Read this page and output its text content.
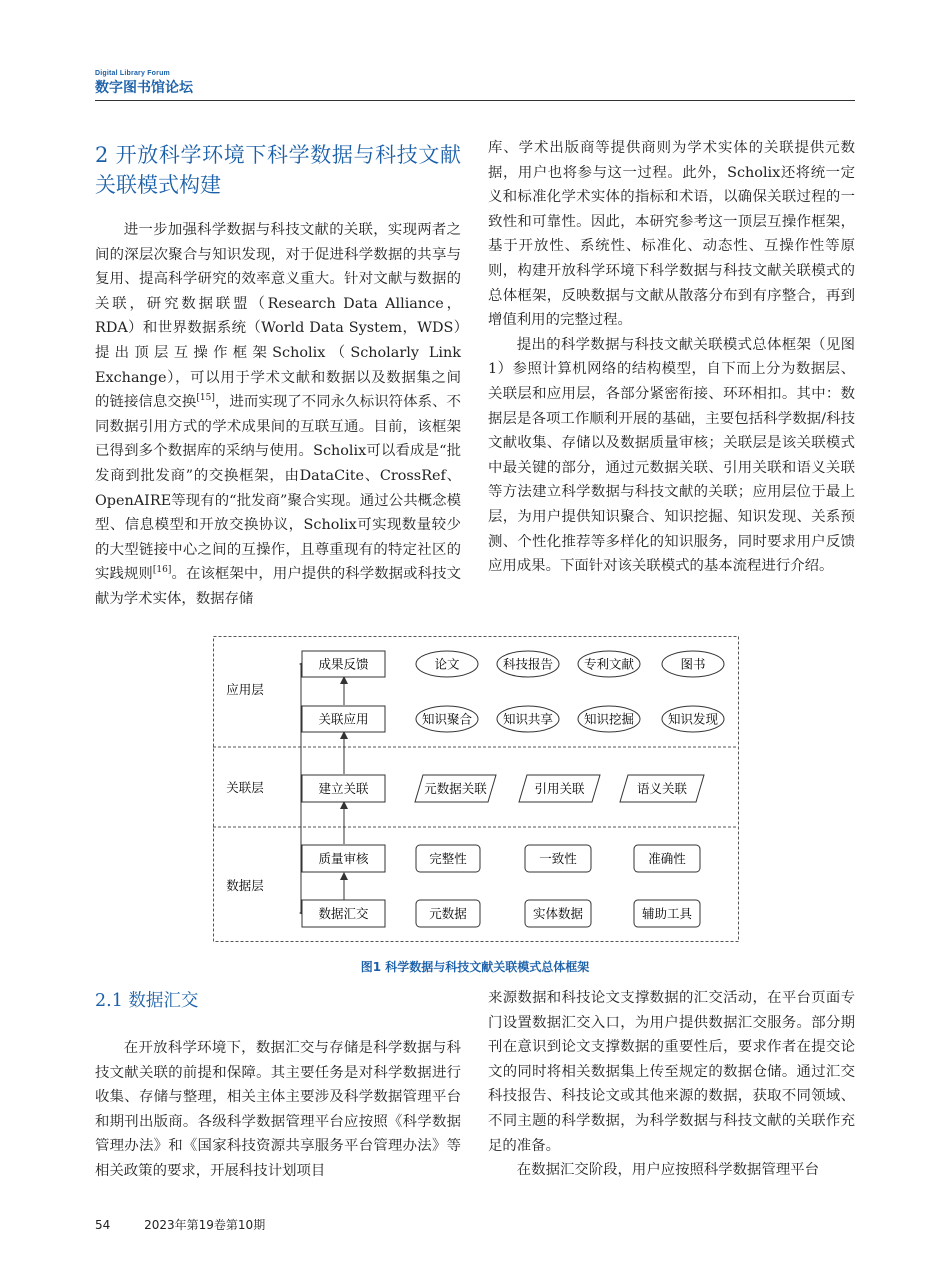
Digital Library Forum
数字图书馆论坛
2 开放科学环境下科学数据与科技文献关联模式构建

进一步加强科学数据与科技文献的关联，实现两者之间的深层次聚合与知识发现，对于促进科学数据的共享与复用、提高科学研究的效率意义重大。针对文献与数据的关联，研究数据联盟（Research Data Alliance，RDA）和世界数据系统（World Data System，WDS）提出顶层互操作框架Scholix（Scholarly Link Exchange），可以用于学术文献和数据以及数据集之间的链接信息交换[15]，进而实现了不同永久标识符体系、不同数据引用方式的学术成果间的互联互通。目前，该框架已得到多个数据库的采纳与使用。Scholix可以看成是“批发商到批发商”的交换框架，由DataCite、CrossRef、OpenAIRE等现有的“批发商”聚合实现。通过公共概念模型、信息模型和开放交换协议，Scholix可实现数量较少的大型链接中心之间的互操作，且尊重现有的特定社区的实践规则[16]。在该框架中，用户提供的科学数据或科技文献为学术实体，数据存储

库、学术出版商等提供商则为学术实体的关联提供元数据，用户也将参与这一过程。此外，Scholix还将统一定义和标准化学术实体的指标和术语，以确保关联过程的一致性和可靠性。因此，本研究参考这一顶层互操作框架，基于开放性、系统性、标准化、动态性、互操作性等原则，构建开放科学环境下科学数据与科技文献关联模式的总体框架，反映数据与文献从散落分布到有序整合，再到增值利用的完整过程。

提出的科学数据与科技文献关联模式总体框架（见图1）参照计算机网络的结构模型，自下而上分为数据层、关联层和应用层，各部分紧密衔接、环环相扣。其中：数据层是各项工作顺利开展的基础，主要包括科学数据/科技文献收集、存储以及数据质量审核；关联层是该关联模式中最关键的部分，通过元数据关联、引用关联和语义关联等方法建立科学数据与科技文献的关联；应用层位于最上层，为用户提供知识聚合、知识挖掘、知识发现、关系预测、个性化推荐等多样化的知识服务，同时要求用户反馈应用成果。下面针对该关联模式的基本流程进行介绍。

应用层
关联层
数据层
成果反馈
关联应用
建立关联
质量审核
数据汇交
论文	科技报告 专利文献	图书
知识聚合 知识共享 知识挖掘	知识发现
元数据关联	引用关联	语义关联
完整性	一致性	准确性
元数据	实体数据	辅助工具
图1 科学数据与科技文献关联模式总体框架
2.1 数据汇交

在开放科学环境下，数据汇交与存储是科学数据与科技文献关联的前提和保障。其主要任务是对科学数据进行收集、存储与整理，相关主体主要涉及科学数据管理平台和期刊出版商。各级科学数据管理平台应按照《科学数据管理办法》和《国家科技资源共享服务平台管理办法》等相关政策的要求，开展科技计划项目

来源数据和科技论文支撑数据的汇交活动，在平台页面专门设置数据汇交入口，为用户提供数据汇交服务。部分期刊在意识到论文支撑数据的重要性后，要求作者在提交论文的同时将相关数据集上传至规定的数据仓储。通过汇交科技报告、科技论文或其他来源的数据，获取不同领域、不同主题的科学数据，为科学数据与科技文献的关联作充足的准备。

在数据汇交阶段，用户应按照科学数据管理平台

54	2023年第19卷第10期
